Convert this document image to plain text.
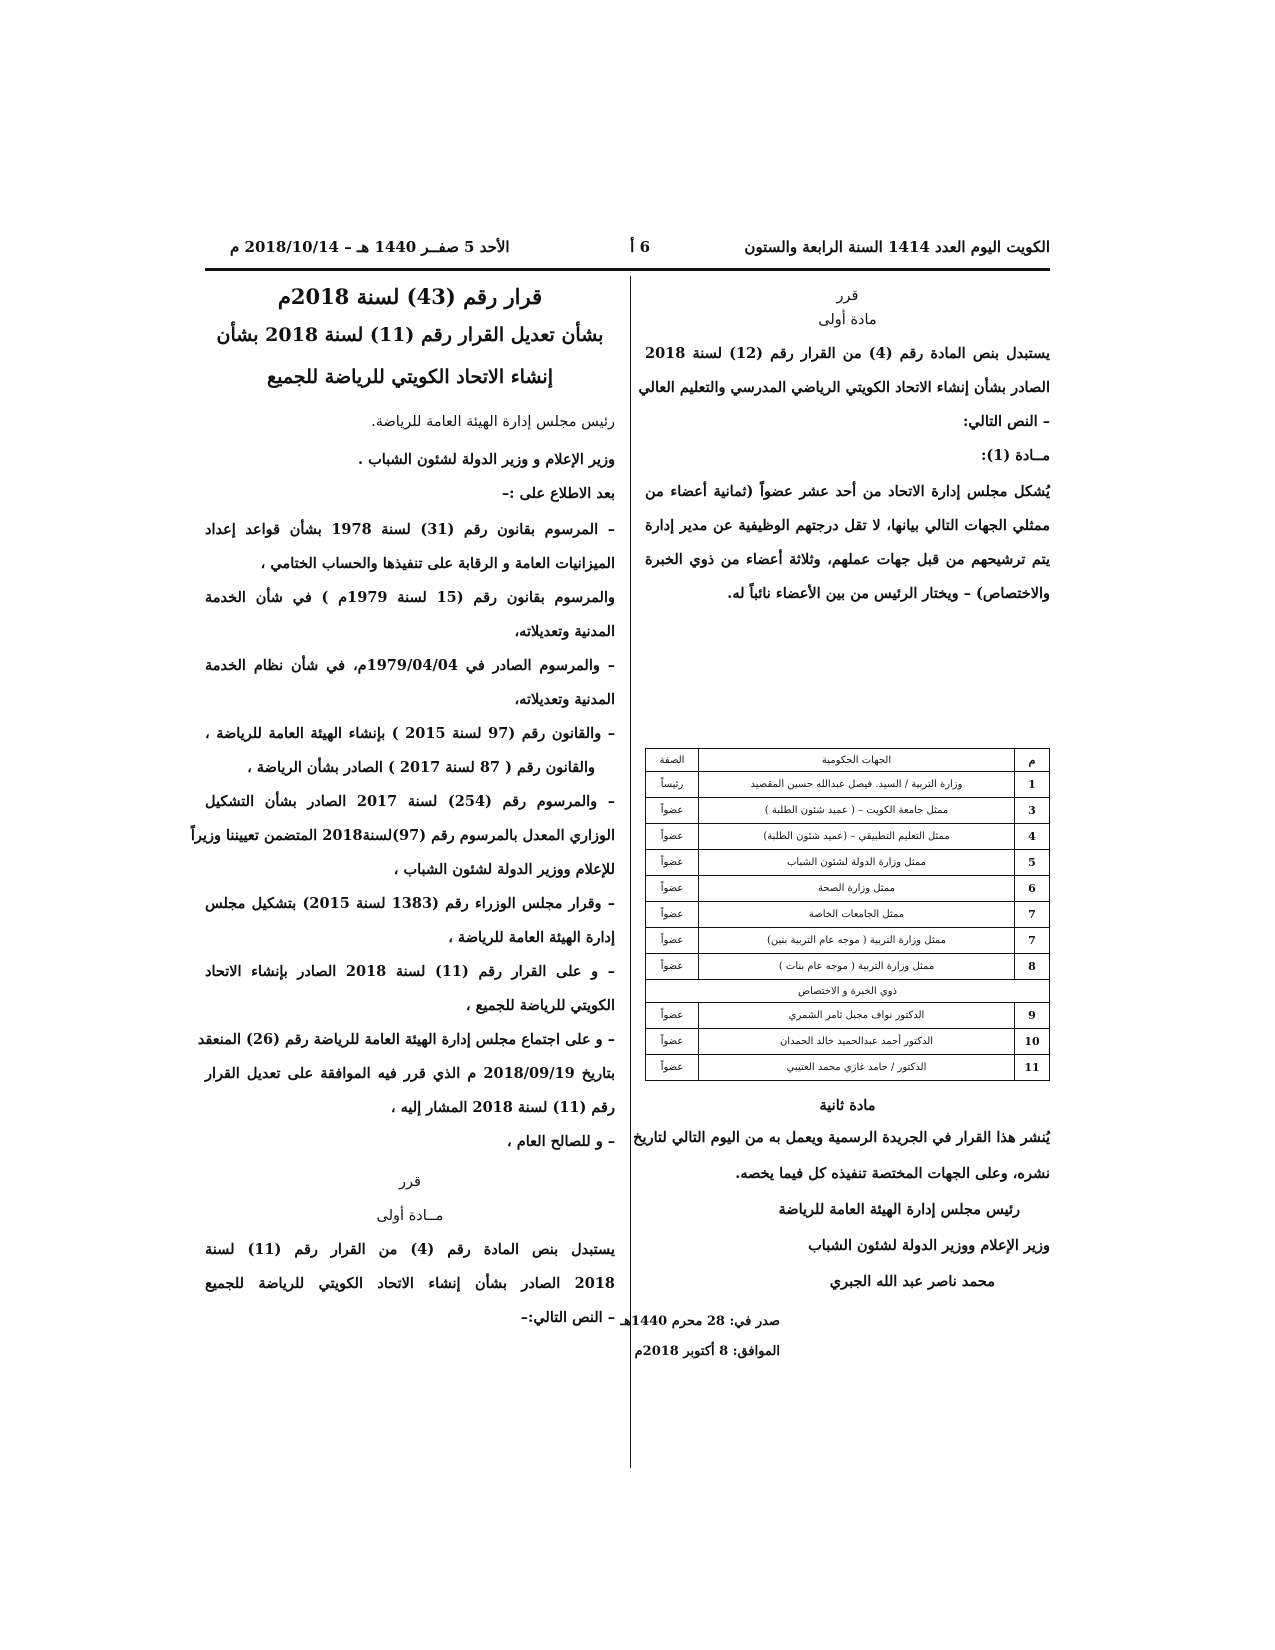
الكويت اليوم العدد 1414 السنة الرابعة والستون
6 أ
الأحد 5 صفــر 1440 هـ – 2018/10/14 م

قرر

مادة أولى

يستبدل بنص المادة رقم (4) من القرار رقم (12) لسنة 2018

الصادر بشأن إنشاء الاتحاد الكويتي الرياضي المدرسي والتعليم العالي

– النص التالي:

مــادة (1):

يُشكل مجلس إدارة الاتحاد من أحد عشر عضواً (ثمانية أعضاء من

ممثلي الجهات التالي بيانها، لا تقل درجتهم الوظيفية عن مدير إدارة

يتم ترشيحهم من قبل جهات عملهم، وثلاثة أعضاء من ذوي الخبرة

والاختصاص) – ويختار الرئيس من بين الأعضاء نائباً له.

م	الجهات الحكومية	الصفة
1	وزارة التربية / السيد. فيصل عبدالله حسين المقصيد	رئيساً
3	ممثل جامعة الكويت – ( عميد شئون الطلبة )	عضواً
4	ممثل التعليم التطبيقي – (عميد شئون الطلبة)	عضواً
5	ممثل وزارة الدولة لشئون الشباب	عضواً
6	ممثل وزارة الصحة	عضواً
7	ممثل الجامعات الخاصة	عضواً
7	ممثل وزارة التربية ( موجه عام التربية بنين)	عضواً
8	ممثل وزارة التربية ( موجه عام بنات )	عضواً
ذوي الخبرة و الاختصاص		
9	الدكتور نواف مجبل ثامر الشمري	عضواً
10	الدكتور أحمد عبدالحميد خالد الحمدان	عضواً
11	الدكتور / حامد غازي محمد العتيبي	عضواً

مادة ثانية

يُنشر هذا القرار في الجريدة الرسمية ويعمل به من اليوم التالي لتاريخ

نشره، وعلى الجهات المختصة تنفيذه كل فيما يخصه.

رئيس مجلس إدارة الهيئة العامة للرياضة

وزير الإعلام ووزير الدولة لشئون الشباب

محمد ناصر عبد الله الجبري

صدر في: 28 محرم 1440هـ

الموافق: 8 أكتوبر 2018م

قرار رقم (43) لسنة 2018م

بشأن تعديل القرار رقم (11) لسنة 2018 بشأن

إنشاء الاتحاد الكويتي للرياضة للجميع

رئيس مجلس إدارة الهيئة العامة للرياضة.

وزير الإعلام و وزير الدولة لشئون الشباب .

بعد الاطلاع على :–

– المرسوم بقانون رقم (31) لسنة 1978 بشأن قواعد إعداد

الميزانيات العامة و الرقابة على تنفيذها والحساب الختامي ،

والمرسوم بقانون رقم (15 لسنة 1979م ) في شأن الخدمة

المدنية وتعديلاته،

– والمرسوم الصادر في 1979/04/04م، في شأن نظام الخدمة

المدنية وتعديلاته،

– والقانون رقم (97 لسنة 2015 ) بإنشاء الهيئة العامة للرياضة ،

والقانون رقم ( 87 لسنة 2017 ) الصادر بشأن الرياضة ،

– والمرسوم رقم (254) لسنة 2017 الصادر بشأن التشكيل

الوزاري المعدل بالمرسوم رقم (97)لسنة2018 المتضمن تعييننا وزيراً

للإعلام ووزير الدولة لشئون الشباب ،

– وقرار مجلس الوزراء رقم (1383 لسنة 2015) بتشكيل مجلس

إدارة الهيئة العامة للرياضة ،

– و على القرار رقم (11) لسنة 2018 الصادر بإنشاء الاتحاد

الكويتي للرياضة للجميع ،

– و على اجتماع مجلس إدارة الهيئة العامة للرياضة رقم (26) المنعقد

بتاريخ 2018/09/19 م الذي قرر فيه الموافقة على تعديل القرار

رقم (11) لسنة 2018 المشار إليه ،

– و للصالح العام ،

قرر

مــادة أولى

يستبدل بنص المادة رقم (4) من القرار رقم (11) لسنة

2018 الصادر بشأن إنشاء الاتحاد الكويتي للرياضة للجميع

– النص التالي:–
